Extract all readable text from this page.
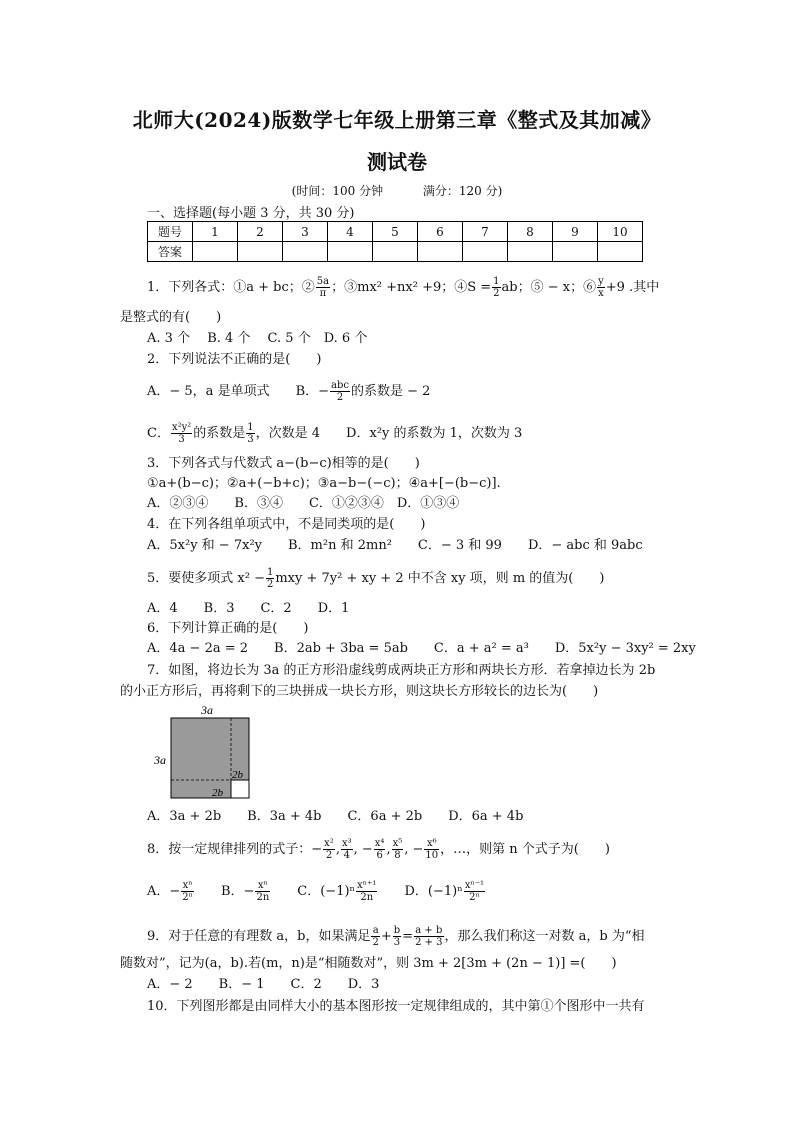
北师大(2024)版数学七年级上册第三章《整式及其加减》
测试卷
(时间：100 分钟	满分：120 分)
一、选择题(每小题 3 分，共 30 分)
题号	1	2	3	4	5	6	7	8	9	10
答案										
1．下列各式：①a + bc；② $\frac{5a}{\pi}$ ；③mx² +nx² +9；④S = $\frac{1}{2}$ ab；⑤ − x；⑥ $\frac{y}{x} +9$ .其中
是整式的有(　　)
A. 3 个　 B. 4 个　 C. 5 个　D. 6 个
2．下列说法不正确的是(　　)
A．− 5，a 是单项式　　B．− $\frac{\text{abc}}{2}$ 的系数是 − 2
C． $\frac{\text{x²y²}}{3}$ 的系数是 $\frac{1}{3}$ ，次数是 4　　D．x²y 的系数为 1，次数为 3
3．下列各式与代数式 a−(b−c)相等的是(　　)
①a+(b−c)；②a+(−b+c)；③a−b−(−c)；④a+[−(b−c)].
A．②③④　　B．③④　　C．①②③④　D．①③④
4．在下列各组单项式中，不是同类项的是(　　)
A．5x²y 和 − 7x²y　　B．m²n 和 2mn²　　C．− 3 和 99　　D．− abc 和 9abc
5．要使多项式 $x^2 - \frac{1}{2}$ mxy + 7y² + xy + 2 中不含 xy 项，则 m 的值为(　　)
A．4　　B．3　　C．2　　D．1
6．下列计算正确的是(　　)
A．4a − 2a = 2　　B．2ab + 3ba = 5ab　　C．a + a² = a³　　D．5x²y − 3xy² = 2xy
7．如图，将边长为 3a 的正方形沿虚线剪成两块正方形和两块长方形．若拿掉边长为 2b
的小正方形后，再将剩下的三块拼成一块长方形，则这块长方形较长的边长为(　　)
3a
3a
2b
2b
A．3a + 2b　　B．3a + 4b　　C．6a + 2b　　D．6a + 4b
8．按一定规律排列的式子：− $\frac{\text{x²}}{2}$ , $\frac{\text{x³}}{4}$ , − $\frac{\text{x⁴}}{6}$ , $\frac{\text{x⁵}}{8}$ , − $\frac{\text{x⁶}}{10}$ ，…，则第 n 个式子为(　　)
A．− $\frac{\text{xⁿ}}{\text{2ⁿ}}$
　　 B．− $\frac{\text{xⁿ}}{2n}$
　　 C．$(-1)^n \frac{\text{xⁿ⁺¹}}{2n}$
　　 D．$(-1)^n \frac{\text{xⁿ⁻¹}}{\text{2ⁿ}}$
9．对于任意的有理数 a，b，如果满足 $\frac{a}{2} + \frac{b}{3} = \frac{a + b}{2 + 3}$ ，那么我们称这一对数 a，b 为“相
随数对”，记为(a，b).若(m，n)是“相随数对”，则 3m + 2[3m + (2n − 1)] =(　　)
A．− 2　　B．− 1　　C．2　　D．3
10．下列图形都是由同样大小的基本图形按一定规律组成的，其中第①个图形中一共有
